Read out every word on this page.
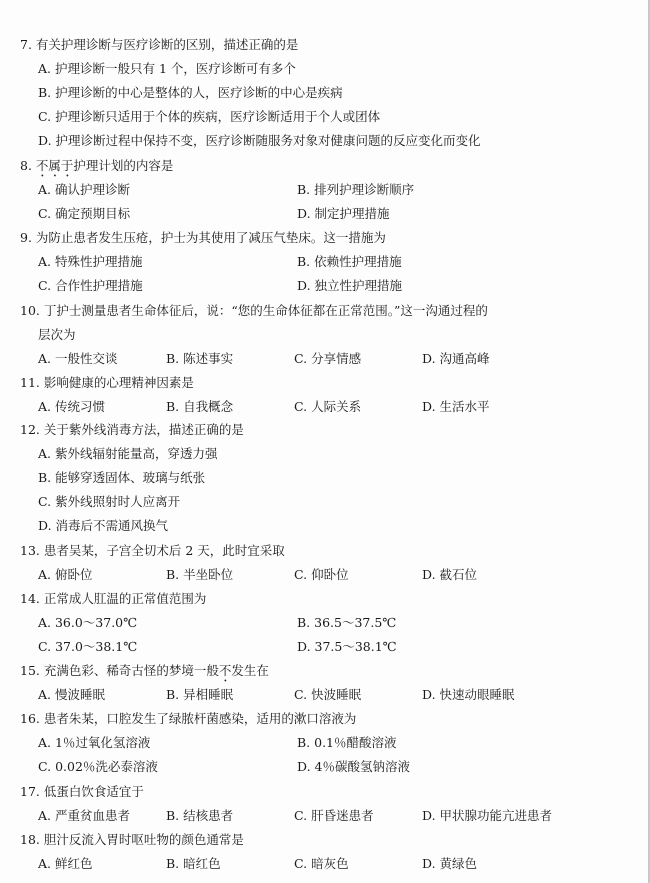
7. 有关护理诊断与医疗诊断的区别，描述正确的是
A. 护理诊断一般只有 1 个，医疗诊断可有多个
B. 护理诊断的中心是整体的人，医疗诊断的中心是疾病
C. 护理诊断只适用于个体的疾病，医疗诊断适用于个人或团体
D. 护理诊断过程中保持不变，医疗诊断随服务对象对健康问题的反应变化而变化
8. 不属于护理计划的内容是
A. 确认护理诊断	B. 排列护理诊断顺序
C. 确定预期目标	D. 制定护理措施
9. 为防止患者发生压疮，护士为其使用了减压气垫床。这一措施为
A. 特殊性护理措施	B. 依赖性护理措施
C. 合作性护理措施	D. 独立性护理措施
10. 丁护士测量患者生命体征后，说：“您的生命体征都在正常范围。”这一沟通过程的
层次为
A. 一般性交谈	B. 陈述事实	C. 分享情感	D. 沟通高峰
11. 影响健康的心理精神因素是
A. 传统习惯	B. 自我概念	C. 人际关系	D. 生活水平
12. 关于紫外线消毒方法，描述正确的是
A. 紫外线辐射能量高，穿透力强
B. 能够穿透固体、玻璃与纸张
C. 紫外线照射时人应离开
D. 消毒后不需通风换气
13. 患者吴某，子宫全切术后 2 天，此时宜采取
A. 俯卧位	B. 半坐卧位	C. 仰卧位	D. 截石位
14. 正常成人肛温的正常值范围为
A. 36.0～37.0℃	B. 36.5～37.5℃
C. 37.0～38.1℃	D. 37.5～38.1℃
15. 充满色彩、稀奇古怪的梦境一般不发生在
A. 慢波睡眠	B. 异相睡眠	C. 快波睡眠	D. 快速动眼睡眠
16. 患者朱某，口腔发生了绿脓杆菌感染，适用的漱口溶液为
A. 1％过氧化氢溶液	B. 0.1％醋酸溶液
C. 0.02％洗必泰溶液	D. 4％碳酸氢钠溶液
17. 低蛋白饮食适宜于
A. 严重贫血患者	B. 结核患者	C. 肝昏迷患者	D. 甲状腺功能亢进患者
18. 胆汁反流入胃时呕吐物的颜色通常是
A. 鲜红色	B. 暗红色	C. 暗灰色	D. 黄绿色
